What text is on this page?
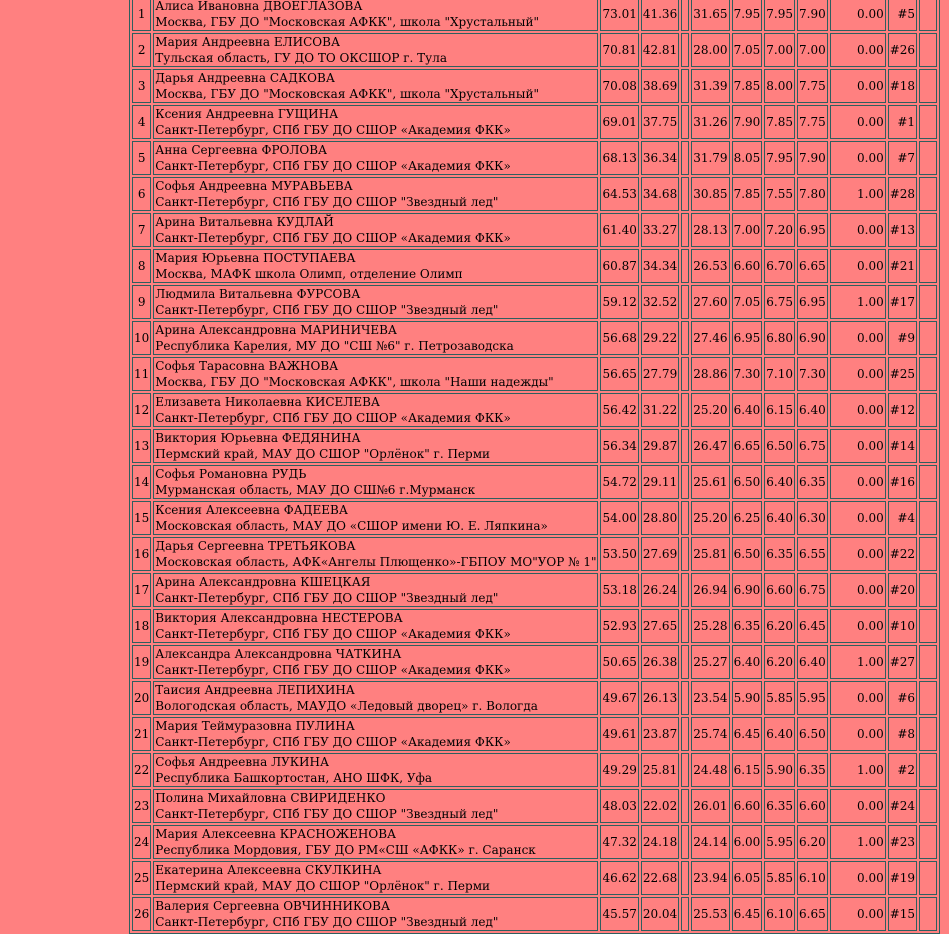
1	Алиса Ивановна ДВОЕГЛАЗОВА
Москва, ГБУ ДО "Московская АФКК", школа "Хрустальный"	73.01	41.36		31.65	7.95	7.95	7.90	0.00	#5	
2	Мария Андреевна ЕЛИСОВА
Тульская область, ГУ ДО ТО ОКСШОР г. Тула	70.81	42.81		28.00	7.05	7.00	7.00	0.00	#26	
3	Дарья Андреевна САДКОВА
Москва, ГБУ ДО "Московская АФКК", школа "Хрустальный"	70.08	38.69		31.39	7.85	8.00	7.75	0.00	#18	
4	Ксения Андреевна ГУЩИНА
Санкт-Петербург, СПб ГБУ ДО СШОР «Академия ФКК»	69.01	37.75		31.26	7.90	7.85	7.75	0.00	#1	
5	Анна Сергеевна ФРОЛОВА
Санкт-Петербург, СПб ГБУ ДО СШОР «Академия ФКК»	68.13	36.34		31.79	8.05	7.95	7.90	0.00	#7	
6	Софья Андреевна МУРАВЬЕВА
Санкт-Петербург, СПб ГБУ ДО СШОР "Звездный лед"	64.53	34.68		30.85	7.85	7.55	7.80	1.00	#28	
7	Арина Витальевна КУДЛАЙ
Санкт-Петербург, СПб ГБУ ДО СШОР «Академия ФКК»	61.40	33.27		28.13	7.00	7.20	6.95	0.00	#13	
8	Мария Юрьевна ПОСТУПАЕВА
Москва, МАФК школа Олимп, отделение Олимп	60.87	34.34		26.53	6.60	6.70	6.65	0.00	#21	
9	Людмила Витальевна ФУРСОВА
Санкт-Петербург, СПб ГБУ ДО СШОР "Звездный лед"	59.12	32.52		27.60	7.05	6.75	6.95	1.00	#17	
10	Арина Александровна МАРИНИЧЕВА
Республика Карелия, МУ ДО "СШ №6" г. Петрозаводска	56.68	29.22		27.46	6.95	6.80	6.90	0.00	#9	
11	Софья Тарасовна ВАЖНОВА
Москва, ГБУ ДО "Московская АФКК", школа "Наши надежды"	56.65	27.79		28.86	7.30	7.10	7.30	0.00	#25	
12	Елизавета Николаевна КИСЕЛЕВА
Санкт-Петербург, СПб ГБУ ДО СШОР «Академия ФКК»	56.42	31.22		25.20	6.40	6.15	6.40	0.00	#12	
13	Виктория Юрьевна ФЕДЯНИНА
Пермский край, МАУ ДО СШОР "Орлёнок" г. Перми	56.34	29.87		26.47	6.65	6.50	6.75	0.00	#14	
14	Софья Романовна РУДЬ
Мурманская область, МАУ ДО СШ№6 г.Мурманск	54.72	29.11		25.61	6.50	6.40	6.35	0.00	#16	
15	Ксения Алексеевна ФАДЕЕВА
Московская область, МАУ ДО «СШОР имени Ю. Е. Ляпкина»	54.00	28.80		25.20	6.25	6.40	6.30	0.00	#4	
16	Дарья Сергеевна ТРЕТЬЯКОВА
Московская область, АФК«Ангелы Плющенко»-ГБПОУ МО"УОР № 1"	53.50	27.69		25.81	6.50	6.35	6.55	0.00	#22	
17	Арина Александровна КШЕЦКАЯ
Санкт-Петербург, СПб ГБУ ДО СШОР "Звездный лед"	53.18	26.24		26.94	6.90	6.60	6.75	0.00	#20	
18	Виктория Александровна НЕСТЕРОВА
Санкт-Петербург, СПб ГБУ ДО СШОР «Академия ФКК»	52.93	27.65		25.28	6.35	6.20	6.45	0.00	#10	
19	Александра Александровна ЧАТКИНА
Санкт-Петербург, СПб ГБУ ДО СШОР «Академия ФКК»	50.65	26.38		25.27	6.40	6.20	6.40	1.00	#27	
20	Таисия Андреевна ЛЕПИХИНА
Вологодская область, МАУДО «Ледовый дворец» г. Вологда	49.67	26.13		23.54	5.90	5.85	5.95	0.00	#6	
21	Мария Теймуразовна ПУЛИНА
Санкт-Петербург, СПб ГБУ ДО СШОР «Академия ФКК»	49.61	23.87		25.74	6.45	6.40	6.50	0.00	#8	
22	Софья Андреевна ЛУКИНА
Республика Башкортостан, АНО ШФК, Уфа	49.29	25.81		24.48	6.15	5.90	6.35	1.00	#2	
23	Полина Михайловна СВИРИДЕНКО
Санкт-Петербург, СПб ГБУ ДО СШОР "Звездный лед"	48.03	22.02		26.01	6.60	6.35	6.60	0.00	#24	
24	Мария Алексеевна КРАСНОЖЕНОВА
Республика Мордовия, ГБУ ДО РМ«СШ «АФКК» г. Саранск	47.32	24.18		24.14	6.00	5.95	6.20	1.00	#23	
25	Екатерина Алексеевна СКУЛКИНА
Пермский край, МАУ ДО СШОР "Орлёнок" г. Перми	46.62	22.68		23.94	6.05	5.85	6.10	0.00	#19	
26	Валерия Сергеевна ОВЧИННИКОВА
Санкт-Петербург, СПб ГБУ ДО СШОР "Звездный лед"	45.57	20.04		25.53	6.45	6.10	6.65	0.00	#15	
